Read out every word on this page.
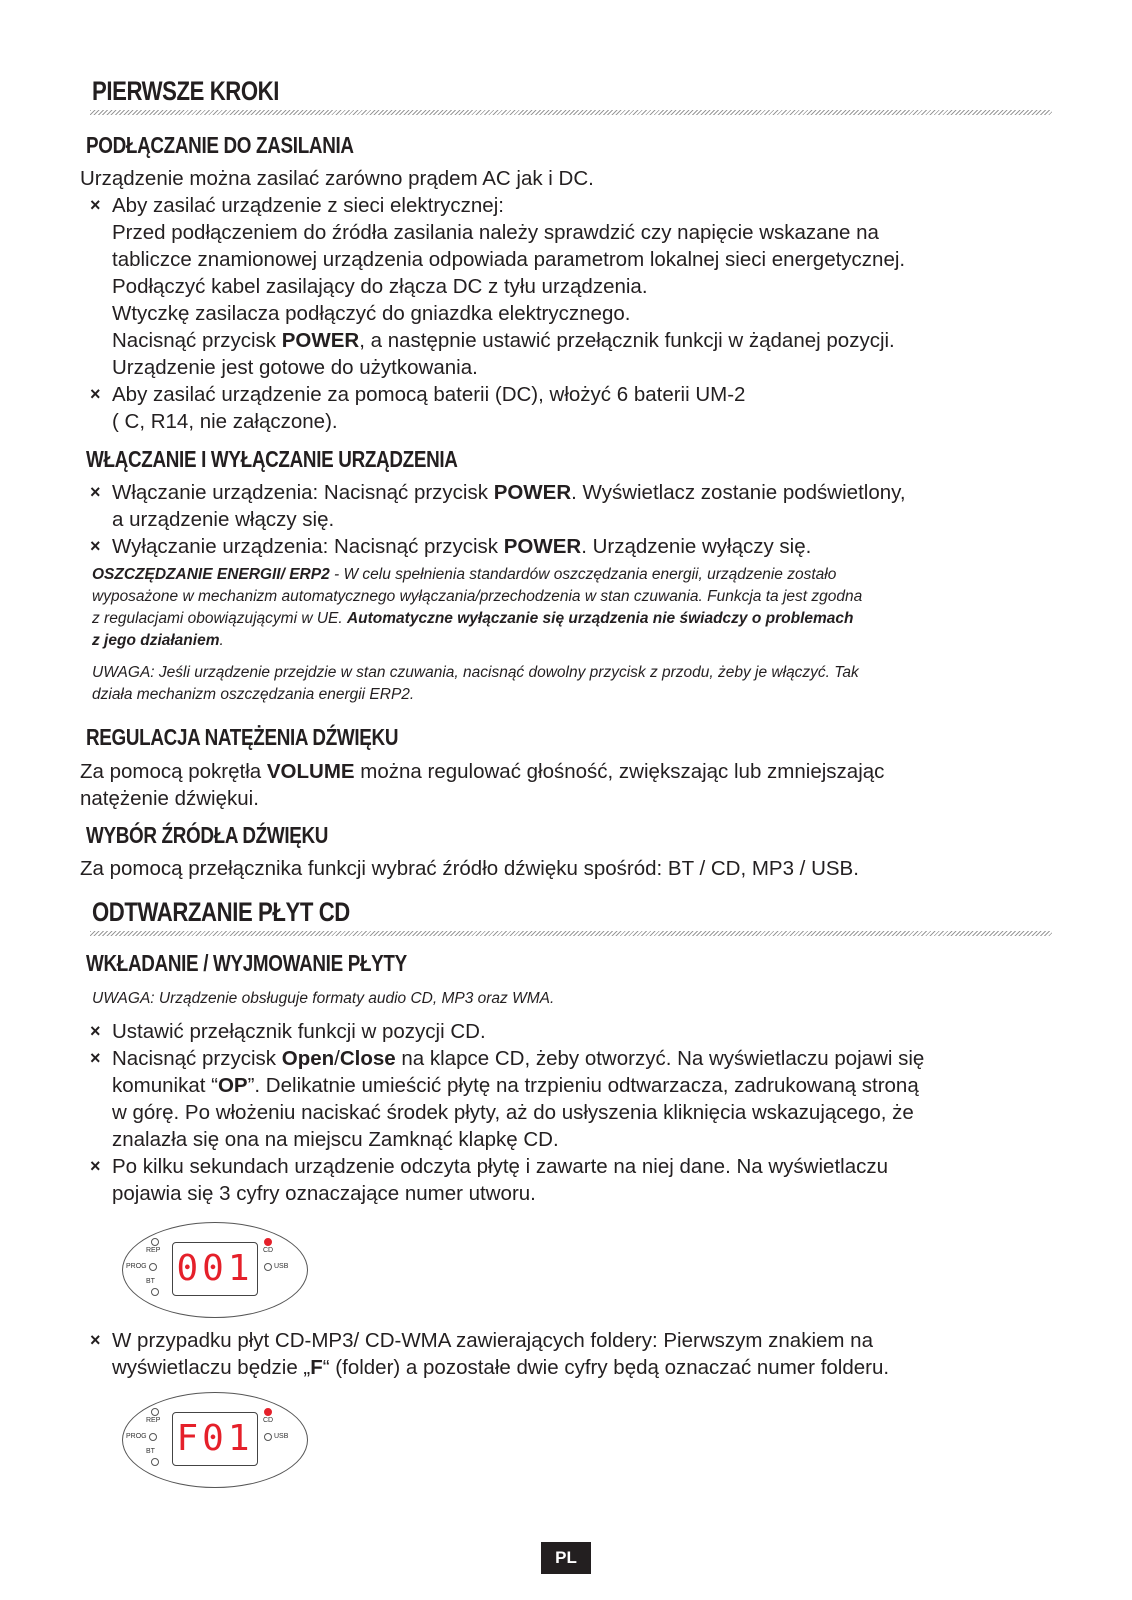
PIERWSZE KROKI
PODŁĄCZANIE DO ZASILANIA
Urządzenie można zasilać zarówno prądem AC jak i DC.
× Aby zasilać urządzenie z sieci elektrycznej:
Przed podłączeniem do źródła zasilania należy sprawdzić czy napięcie wskazane na
tabliczce znamionowej urządzenia odpowiada parametrom lokalnej sieci energetycznej.
Podłączyć kabel zasilający do złącza DC z tyłu urządzenia.
Wtyczkę zasilacza podłączyć do gniazdka elektrycznego.
Nacisnąć przycisk POWER, a następnie ustawić przełącznik funkcji w żądanej pozycji.
Urządzenie jest gotowe do użytkowania.
× Aby zasilać urządzenie za pomocą baterii (DC), włożyć 6 baterii UM-2
( C, R14, nie załączone).
WŁĄCZANIE I WYŁĄCZANIE URZĄDZENIA
× Włączanie urządzenia: Nacisnąć przycisk POWER. Wyświetlacz zostanie podświetlony,
a urządzenie włączy się.
× Wyłączanie urządzenia: Nacisnąć przycisk POWER. Urządzenie wyłączy się.
OSZCZĘDZANIE ENERGII/ ERP2 - W celu spełnienia standardów oszczędzania energii, urządzenie zostało
wyposażone w mechanizm automatycznego wyłączania/przechodzenia w stan czuwania. Funkcja ta jest zgodna
z regulacjami obowiązującymi w UE. Automatyczne wyłączanie się urządzenia nie świadczy o problemach
z jego działaniem.
UWAGA: Jeśli urządzenie przejdzie w stan czuwania, nacisnąć dowolny przycisk z przodu, żeby je włączyć. Tak
działa mechanizm oszczędzania energii ERP2.
REGULACJA NATĘŻENIA DŹWIĘKU
Za pomocą pokrętła VOLUME można regulować głośność, zwiększając lub zmniejszając
natężenie dźwiękui.
WYBÓR ŹRÓDŁA DŹWIĘKU
Za pomocą przełącznika funkcji wybrać źródło dźwięku spośród: BT / CD, MP3 / USB.
ODTWARZANIE PŁYT CD
WKŁADANIE / WYJMOWANIE PŁYTY
UWAGA: Urządzenie obsługuje formaty audio CD, MP3 oraz WMA.
× Ustawić przełącznik funkcji w pozycji CD.
× Nacisnąć przycisk Open/Close na klapce CD, żeby otworzyć. Na wyświetlaczu pojawi się
komunikat “OP”. Delikatnie umieścić płytę na trzpieniu odtwarzacza, zadrukowaną stroną
w górę. Po włożeniu naciskać środek płyty, aż do usłyszenia kliknięcia wskazującego, że
znalazła się ona na miejscu Zamknąć klapkę CD.
× Po kilku sekundach urządzenie odczyta płytę i zawarte na niej dane. Na wyświetlaczu
pojawia się 3 cyfry oznaczające numer utworu.
REP
PROG
BT
CD
USB
001
× W przypadku płyt CD-MP3/ CD-WMA zawierających foldery: Pierwszym znakiem na
wyświetlaczu będzie „F“ (folder) a pozostałe dwie cyfry będą oznaczać numer folderu.
REP
PROG
BT
CD
USB
F01
PL
